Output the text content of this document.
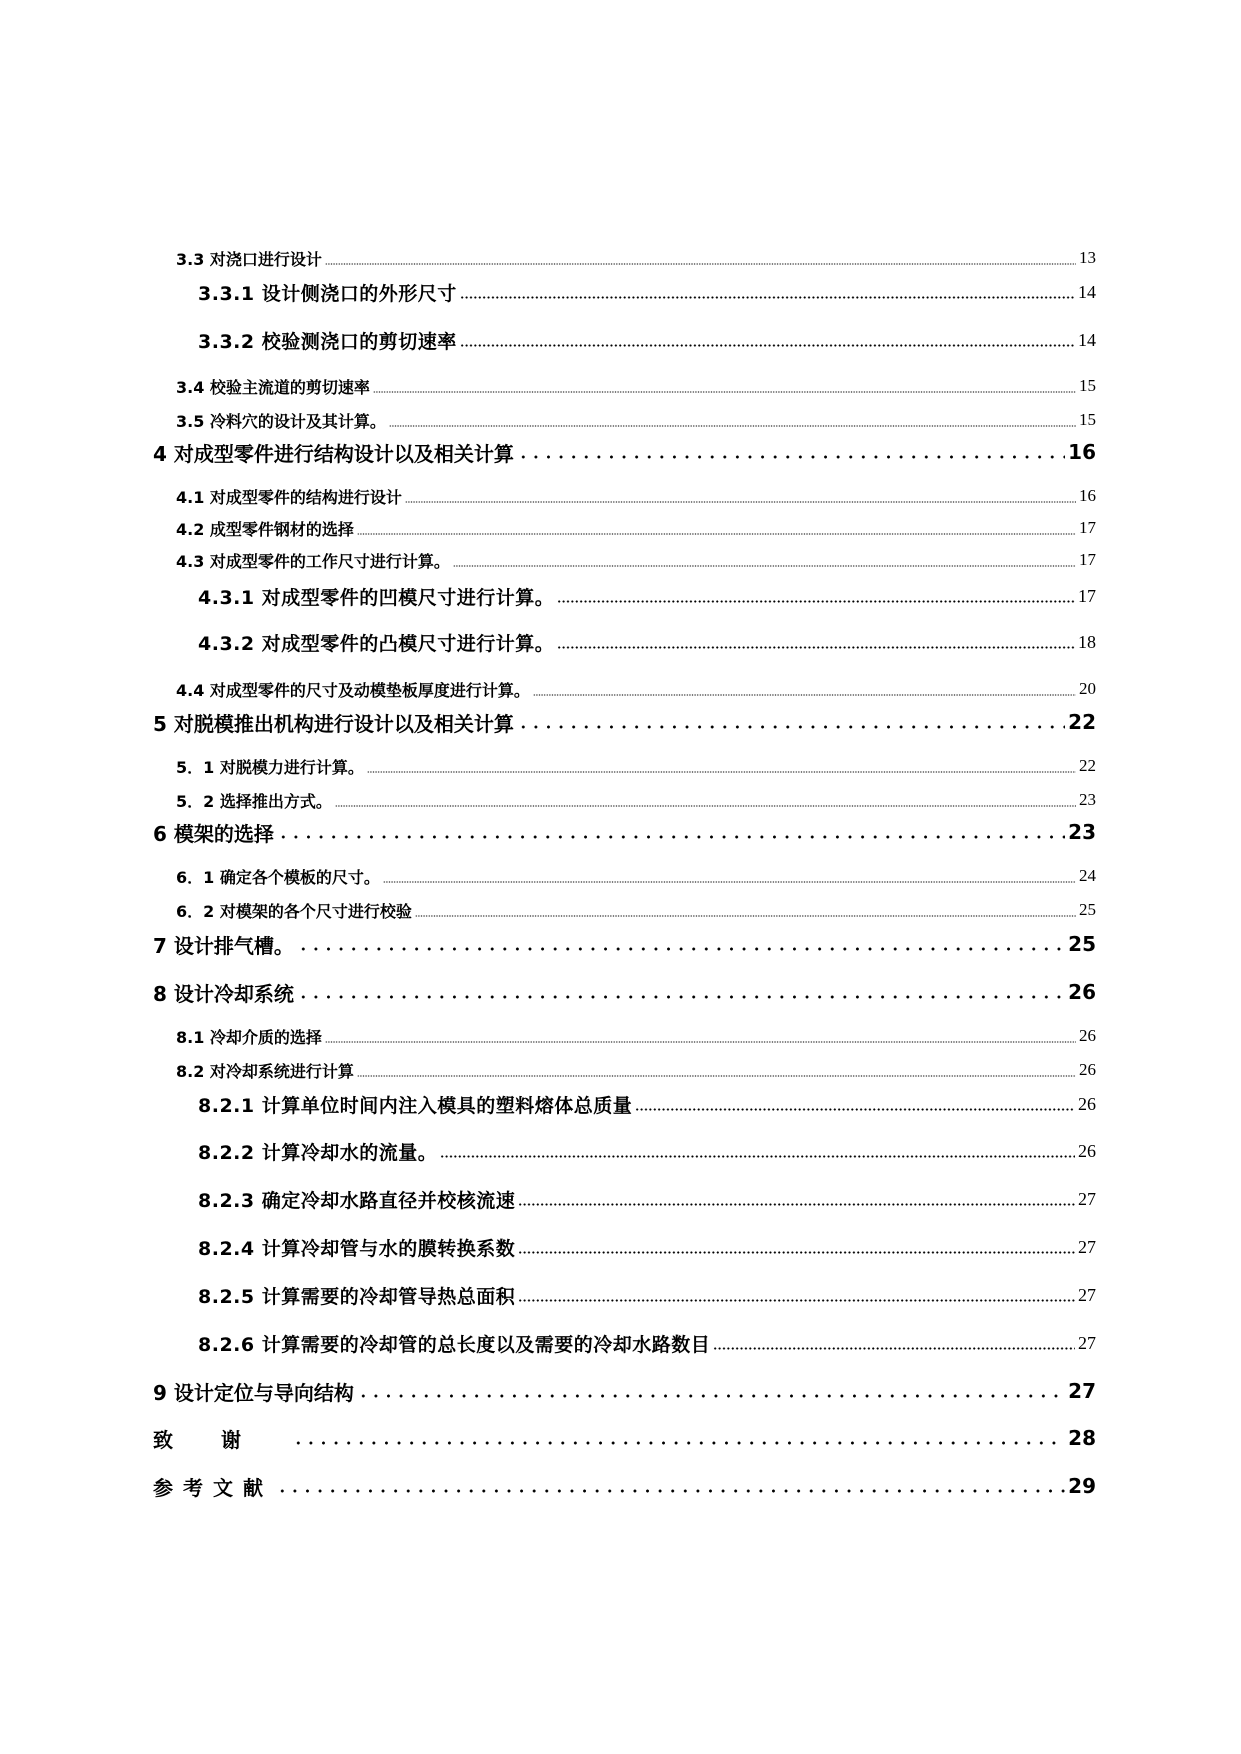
3.3 对浇口进行设计	13
3.3.1 设计侧浇口的外形尺寸	14
3.3.2 校验测浇口的剪切速率	14
3.4 校验主流道的剪切速率	15
3.5 冷料穴的设计及其计算。	15
4 对成型零件进行结构设计以及相关计算	16
4.1 对成型零件的结构进行设计	16
4.2 成型零件钢材的选择	17
4.3 对成型零件的工作尺寸进行计算。	17
4.3.1 对成型零件的凹模尺寸进行计算。	17
4.3.2 对成型零件的凸模尺寸进行计算。	18
4.4 对成型零件的尺寸及动模垫板厚度进行计算。	20
5 对脱模推出机构进行设计以及相关计算	22
5．1 对脱模力进行计算。	22
5．2 选择推出方式。	23
6 模架的选择	23
6．1 确定各个模板的尺寸。	24
6．2 对模架的各个尺寸进行校验	25
7 设计排气槽。	25
8 设计冷却系统	26
8.1 冷却介质的选择	26
8.2 对冷却系统进行计算	26
8.2.1 计算单位时间内注入模具的塑料熔体总质量	26
8.2.2 计算冷却水的流量。	26
8.2.3 确定冷却水路直径并校核流速	27
8.2.4 计算冷却管与水的膜转换系数	27
8.2.5 计算需要的冷却管导热总面积	27
8.2.6 计算需要的冷却管的总长度以及需要的冷却水路数目	27
9 设计定位与导向结构	27
致谢	28
参考文献	29
